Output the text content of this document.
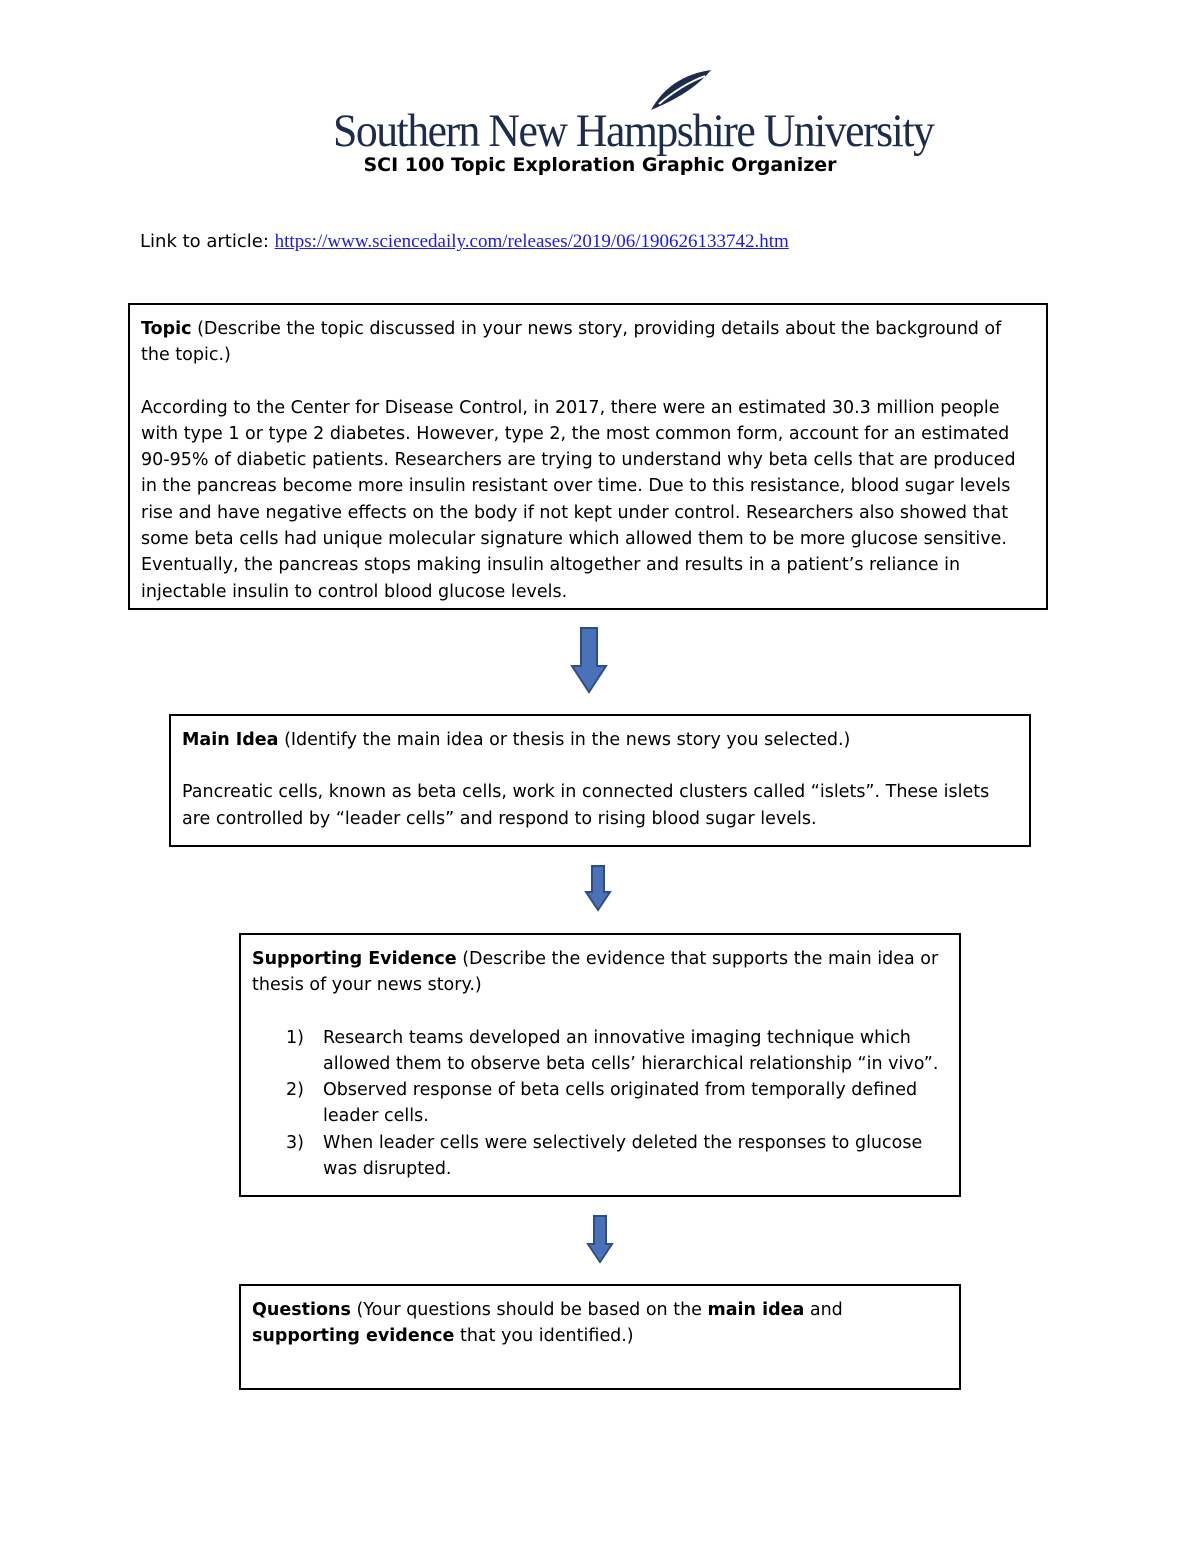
Southern New Hampshire University
SCI 100 Topic Exploration Graphic Organizer
Link to article: https://www.sciencedaily.com/releases/2019/06/190626133742.htm

Topic (Describe the topic discussed in your news story, providing details about the background of the topic.)

According to the Center for Disease Control, in 2017, there were an estimated 30.3 million people with type 1 or type 2 diabetes. However, type 2, the most common form, account for an estimated 90-95% of diabetic patients. Researchers are trying to understand why beta cells that are produced in the pancreas become more insulin resistant over time. Due to this resistance, blood sugar levels rise and have negative effects on the body if not kept under control. Researchers also showed that some beta cells had unique molecular signature which allowed them to be more glucose sensitive. Eventually, the pancreas stops making insulin altogether and results in a patient’s reliance in injectable insulin to control blood glucose levels.

Main Idea (Identify the main idea or thesis in the news story you selected.)

Pancreatic cells, known as beta cells, work in connected clusters called “islets”. These islets are controlled by “leader cells” and respond to rising blood sugar levels.

Supporting Evidence (Describe the evidence that supports the main idea or thesis of your news story.)

1) Research teams developed an innovative imaging technique which allowed them to observe beta cells’ hierarchical relationship “in vivo”.
2) Observed response of beta cells originated from temporally defined leader cells.
3) When leader cells were selectively deleted the responses to glucose was disrupted.

Questions (Your questions should be based on the main idea and supporting evidence that you identified.)
